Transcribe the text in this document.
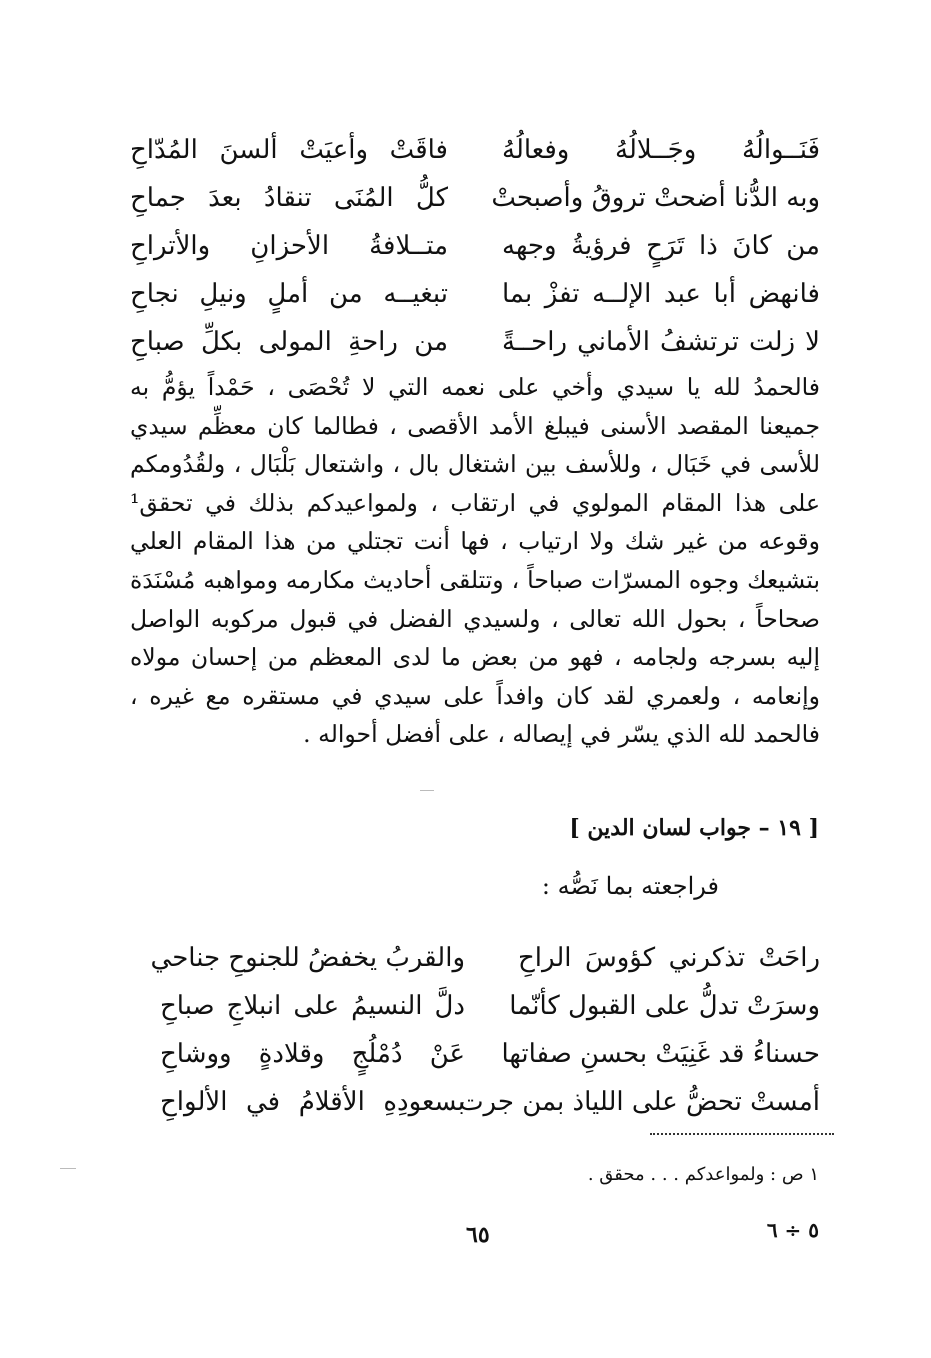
فَنَــوالُهُ وجَــلالُهُ وفعالُهُ
فاقَتْ وأعيَتْ ألسنَ المُدّاحِ
وبه الدُّنا أضحتْ تروقُ وأصبحتْ
كلُّ المُنَى تنقادُ بعدَ جماحِ
من كانَ ذا تَرَحٍ فرؤيةُ وجهه
متــلافةُ الأحزانِ والأتراحِ
فانهض أبا عبد الإلــه تفزْ بما
تبغيــه من أملٍ ونيلِ نجاحِ
لا زلت ترتشفُ الأماني راحــةً
من راحةِ المولى بكلِّ صباحِ

فالحمدُ لله يا سيدي وأخي على نعمه التي لا تُحْصَى ، حَمْداً يؤمُّ به جميعنا المقصد الأسنى فيبلغ الأمد الأقصى ، فطالما كان معظِّم سيدي للأسى في خَبَال ، وللأسف بين اشتغال بال ، واشتعال بَلْبَال ، ولقُدُومكم على هذا المقام المولوي في ارتقاب ، ولمواعيدكم بذلك في تحقق¹ وقوعه من غير شك ولا ارتياب ، فها أنت تجتلي من هذا المقام العلي بتشيعك وجوه المسرّات صباحاً ، وتتلقى أحاديث مكارمه ومواهبه مُسْنَدَة صحاحاً ، بحول الله تعالى ، ولسيدي الفضل في قبول مركوبه الواصل إليه بسرجه ولجامه ، فهو من بعض ما لدى المعظم من إحسان مولاه وإنعامه ، ولعمري لقد كان وافداً على سيدي في مستقره مع غيره ، فالحمد لله الذي يسّر في إيصاله ، على أفضل أحواله .

[ ١٩ – جواب لسان الدين ]
فراجعته بما نَصُّه :
راحَتْ تذكرني كؤوسَ الراحِ
والقربُ يخفضُ للجنوحِ جناحي
وسرَتْ تدلُّ على القبول كأنّما
دلَّ النسيمُ على انبلاجِ صباحِ
حسناءُ قد غَنِيَتْ بحسنِ صفاتها
عَنْ دُمْلُجٍ وقلادةٍ ووشاحِ
أمستْ تحضُّ على اللياذ بمن جرت
بسعودِهِ الأقلامُ في الألواحِ
١ ص : ولمواعدكم . . . محقق .
٦٥	٥ ÷ ٦
